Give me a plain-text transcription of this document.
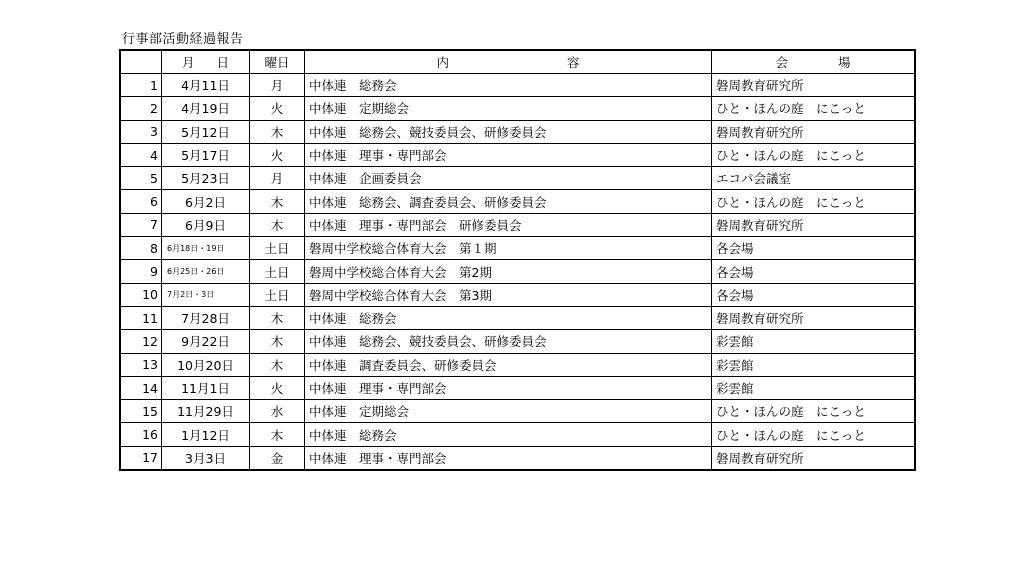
行事部活動経過報告
	月 日	曜日	内 容	会 場
1	4月11日	月	中体連　総務会	磐周教育研究所
2	4月19日	火	中体連　定期総会	ひと・ほんの庭　にこっと
3	5月12日	木	中体連　総務会、競技委員会、研修委員会	磐周教育研究所
4	5月17日	火	中体連　理事・専門部会	ひと・ほんの庭　にこっと
5	5月23日	月	中体連　企画委員会	エコパ会議室
6	6月2日	木	中体連　総務会、調査委員会、研修委員会	ひと・ほんの庭　にこっと
7	6月9日	木	中体連　理事・専門部会　研修委員会	磐周教育研究所
8	6月18日・19日	土日	磐周中学校総合体育大会　第１期	各会場
9	6月25日・26日	土日	磐周中学校総合体育大会　第2期	各会場
10	7月2日・3日	土日	磐周中学校総合体育大会　第3期	各会場
11	7月28日	木	中体連　総務会	磐周教育研究所
12	9月22日	木	中体連　総務会、競技委員会、研修委員会	彩雲館
13	10月20日	木	中体連　調査委員会、研修委員会	彩雲館
14	11月1日	火	中体連　理事・専門部会	彩雲館
15	11月29日	水	中体連　定期総会	ひと・ほんの庭　にこっと
16	1月12日	木	中体連　総務会	ひと・ほんの庭　にこっと
17	3月3日	金	中体連　理事・専門部会	磐周教育研究所
